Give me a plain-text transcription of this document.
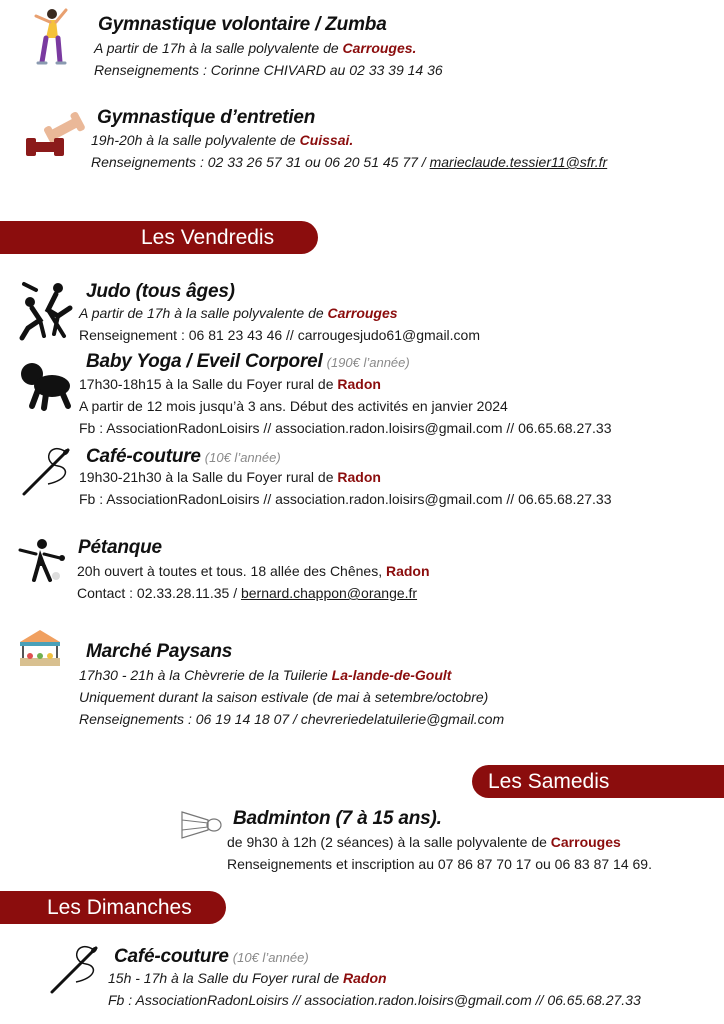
Gymnastique volontaire / Zumba
A partir de 17h à la salle polyvalente de Carrouges.
Renseignements : Corinne CHIVARD au 02 33 39 14 36
Gymnastique d’entretien
19h-20h à la salle polyvalente de Cuissai.
Renseignements : 02 33 26 57 31 ou 06 20 51 45 77 / marieclaude.tessier11@sfr.fr
Les Vendredis
Judo (tous âges)
A partir de 17h à la salle polyvalente de Carrouges
Renseignement : 06 81 23 43 46 // carrougesjudo61@gmail.com
Baby Yoga / Eveil Corporel (190€ l’année)
17h30-18h15 à la Salle du Foyer rural de Radon
A partir de 12 mois jusqu’à 3 ans. Début des activités en janvier 2024
Fb : AssociationRadonLoisirs // association.radon.loisirs@gmail.com // 06.65.68.27.33
Café-couture (10€ l’année)
19h30-21h30 à la Salle du Foyer rural de Radon
Fb : AssociationRadonLoisirs // association.radon.loisirs@gmail.com // 06.65.68.27.33
Pétanque
20h ouvert à toutes et tous. 18 allée des Chênes, Radon
Contact : 02.33.28.11.35 / bernard.chappon@orange.fr
Marché Paysans
17h30 - 21h à la Chèvrerie de la Tuilerie La-lande-de-Goult
Uniquement durant la saison estivale (de mai à setembre/octobre)
Renseignements : 06 19 14 18 07 / chevreriedelatuilerie@gmail.com
Les Samedis
Badminton (7 à 15 ans).
de 9h30 à 12h (2 séances) à la salle polyvalente de Carrouges
Renseignements et inscription au 07 86 87 70 17 ou 06 83 87 14 69.
Les Dimanches
Café-couture (10€ l’année)
15h - 17h à la Salle du Foyer rural de Radon
Fb : AssociationRadonLoisirs // association.radon.loisirs@gmail.com // 06.65.68.27.33
